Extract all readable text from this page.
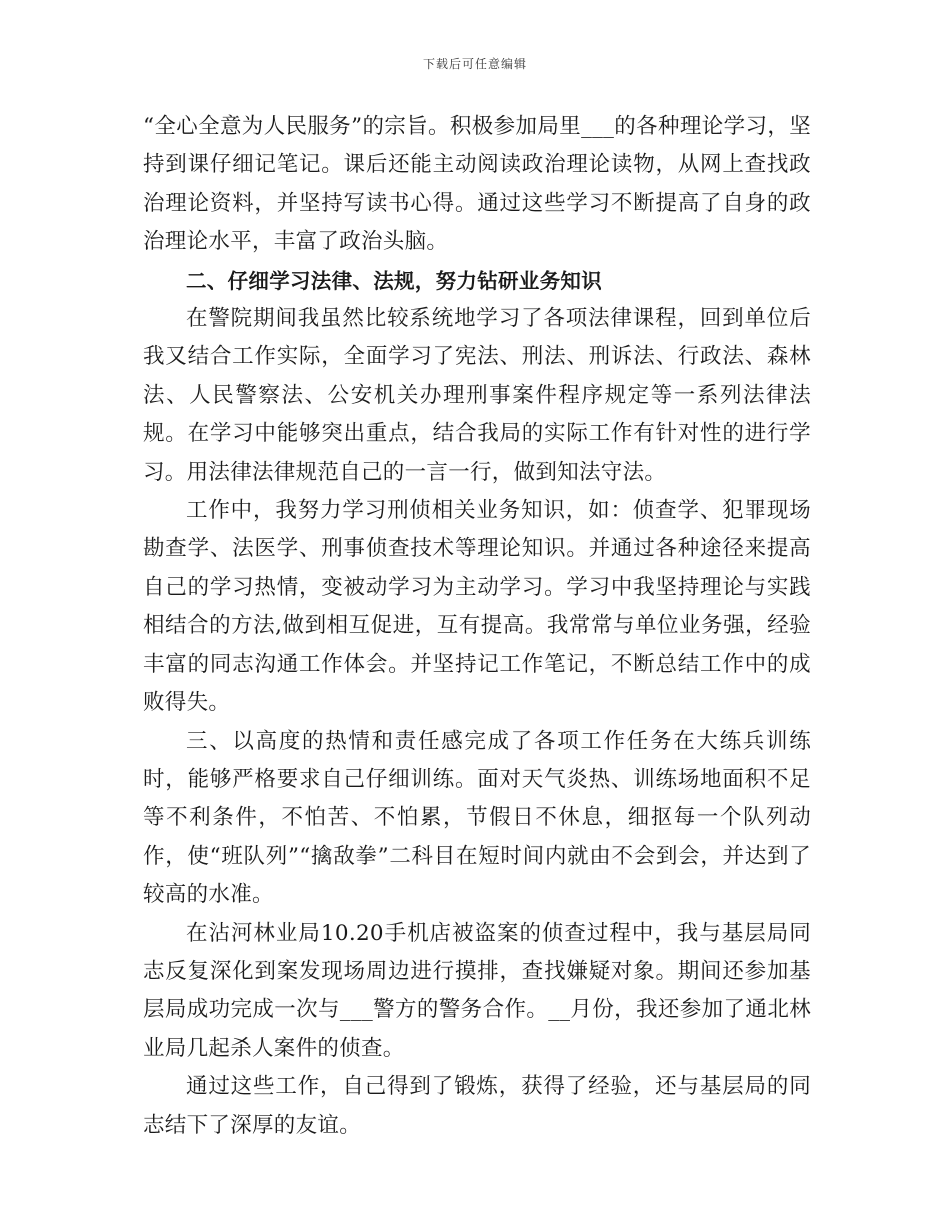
下载后可任意编辑

“全心全意为人民服务”的宗旨。积极参加局里___的各种理论学习，坚持到课仔细记笔记。课后还能主动阅读政治理论读物，从网上查找政治理论资料，并坚持写读书心得。通过这些学习不断提高了自身的政治理论水平，丰富了政治头脑。

二、仔细学习法律、法规，努力钻研业务知识

在警院期间我虽然比较系统地学习了各项法律课程，回到单位后我又结合工作实际，全面学习了宪法、刑法、刑诉法、行政法、森林法、人民警察法、公安机关办理刑事案件程序规定等一系列法律法规。在学习中能够突出重点，结合我局的实际工作有针对性的进行学习。用法律法律规范自己的一言一行，做到知法守法。

工作中，我努力学习刑侦相关业务知识，如：侦查学、犯罪现场勘查学、法医学、刑事侦查技术等理论知识。并通过各种途径来提高自己的学习热情，变被动学习为主动学习。学习中我坚持理论与实践相结合的方法,做到相互促进，互有提高。我常常与单位业务强，经验丰富的同志沟通工作体会。并坚持记工作笔记，不断总结工作中的成败得失。

三、以高度的热情和责任感完成了各项工作任务在大练兵训练时，能够严格要求自己仔细训练。面对天气炎热、训练场地面积不足等不利条件，不怕苦、不怕累，节假日不休息，细抠每一个队列动作，使“班队列”“擒敌拳”二科目在短时间内就由不会到会，并达到了较高的水准。

在沾河林业局10.20手机店被盗案的侦查过程中，我与基层局同志反复深化到案发现场周边进行摸排，查找嫌疑对象。期间还参加基层局成功完成一次与___警方的警务合作。__月份，我还参加了通北林业局几起杀人案件的侦查。

通过这些工作，自己得到了锻炼，获得了经验，还与基层局的同志结下了深厚的友谊。
